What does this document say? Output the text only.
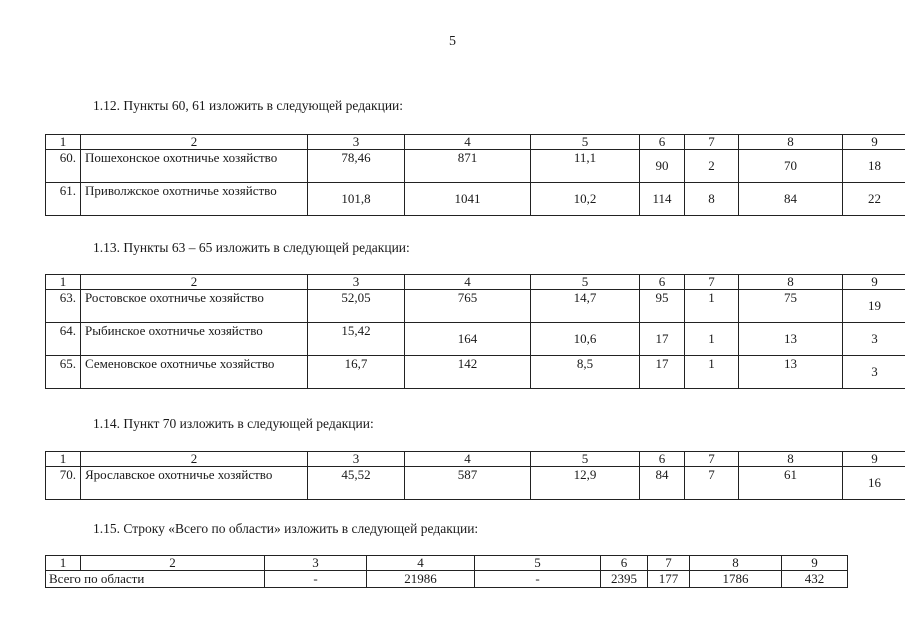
5
1.12. Пункты 60, 61 изложить в следующей редакции:
1	2	3	4	5	6	7	8	9
60.	Пошехонское охотничье хозяйство	78,46	871	11,1	90	2	70	18
61.	Приволжское охотничье хозяйство	101,8	1041	10,2	114	8	84	22
1.13. Пункты 63 – 65 изложить в следующей редакции:
1	2	3	4	5	6	7	8	9
63.	Ростовское охотничье хозяйство	52,05	765	14,7	95	1	75	19
64.	Рыбинское охотничье хозяйство	15,42	164	10,6	17	1	13	3
65.	Семеновское охотничье хозяйство	16,7	142	8,5	17	1	13	3
1.14. Пункт 70 изложить в следующей редакции:
1	2	3	4	5	6	7	8	9
70.	Ярославское охотничье хозяйство	45,52	587	12,9	84	7	61	16
1.15. Строку «Всего по области» изложить в следующей редакции:
1	2	3	4	5	6	7	8	9
Всего по области		-	21986	-	2395	177	1786	432
